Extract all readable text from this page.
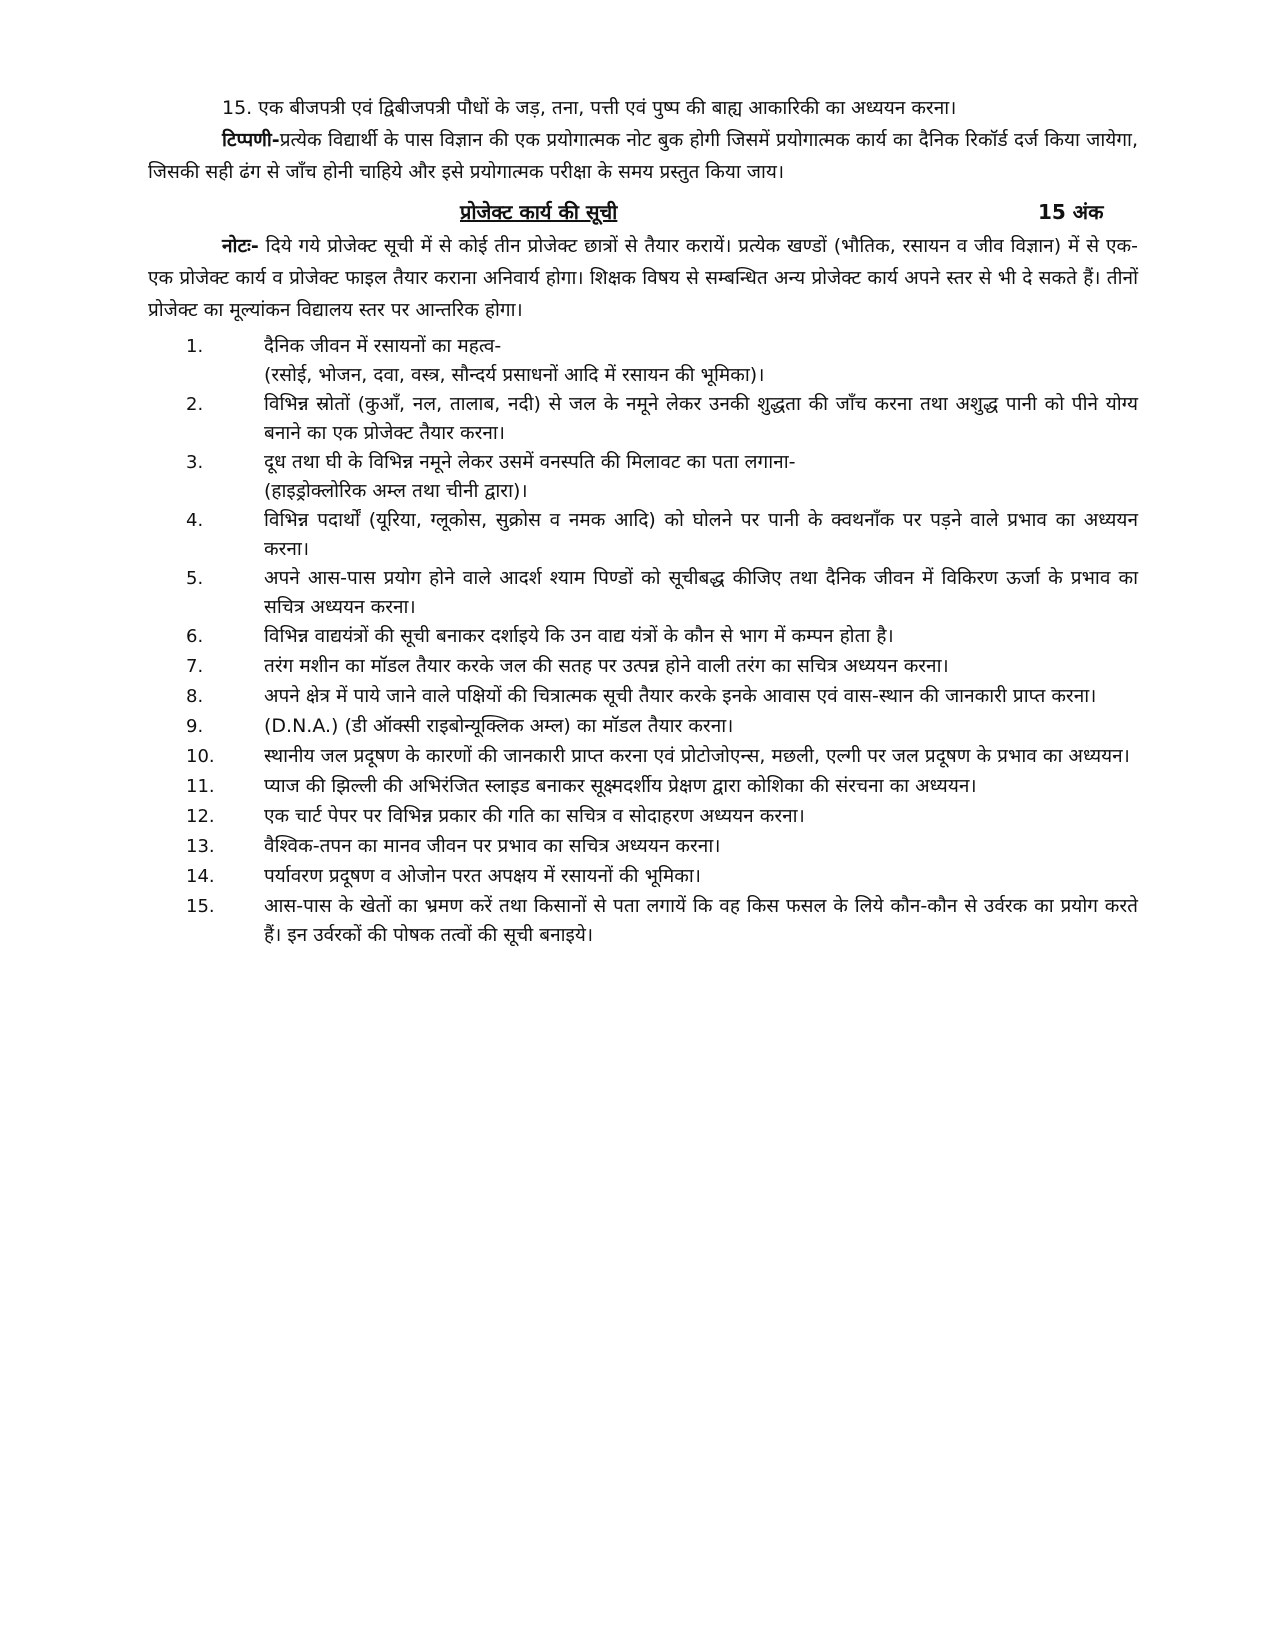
15. एक बीजपत्री एवं द्विबीजपत्री पौधों के जड़, तना, पत्ती एवं पुष्प की बाह्य आकारिकी का अध्ययन करना।

टिप्पणी-प्रत्येक विद्यार्थी के पास विज्ञान की एक प्रयोगात्मक नोट बुक होगी जिसमें प्रयोगात्मक कार्य का दैनिक रिकॉर्ड दर्ज किया जायेगा, जिसकी सही ढंग से जाँच होनी चाहिये और इसे प्रयोगात्मक परीक्षा के समय प्रस्तुत किया जाय।

प्रोजेक्ट कार्य की सूची	15 अंक

नोटः- दिये गये प्रोजेक्ट सूची में से कोई तीन प्रोजेक्ट छात्रों से तैयार करायें। प्रत्येक खण्डों (भौतिक, रसायन व जीव विज्ञान) में से एक-एक प्रोजेक्ट कार्य व प्रोजेक्ट फाइल तैयार कराना अनिवार्य होगा। शिक्षक विषय से सम्बन्धित अन्य प्रोजेक्ट कार्य अपने स्तर से भी दे सकते हैं। तीनों प्रोजेक्ट का मूल्यांकन विद्यालय स्तर पर आन्तरिक होगा।

1.	दैनिक जीवन में रसायनों का महत्व-
(रसोई, भोजन, दवा, वस्त्र, सौन्दर्य प्रसाधनों आदि में रसायन की भूमिका)।
2.	विभिन्न स्रोतों (कुआँ, नल, तालाब, नदी) से जल के नमूने लेकर उनकी शुद्धता की जाँच करना तथा अशुद्ध पानी को पीने योग्य बनाने का एक प्रोजेक्ट तैयार करना।
3.	दूध तथा घी के विभिन्न नमूने लेकर उसमें वनस्पति की मिलावट का पता लगाना-
(हाइड्रोक्लोरिक अम्ल तथा चीनी द्वारा)।
4.	विभिन्न पदार्थों (यूरिया, ग्लूकोस, सुक्रोस व नमक आदि) को घोलने पर पानी के क्वथनाँक पर पड़ने वाले प्रभाव का अध्ययन करना।
5.	अपने आस-पास प्रयोग होने वाले आदर्श श्याम पिण्डों को सूचीबद्ध कीजिए तथा दैनिक जीवन में विकिरण ऊर्जा के प्रभाव का सचित्र अध्ययन करना।
6.	विभिन्न वाद्ययंत्रों की सूची बनाकर दर्शाइये कि उन वाद्य यंत्रों के कौन से भाग में कम्पन होता है।
7.	तरंग मशीन का मॉडल तैयार करके जल की सतह पर उत्पन्न होने वाली तरंग का सचित्र अध्ययन करना।
8.	अपने क्षेत्र में पाये जाने वाले पक्षियों की चित्रात्मक सूची तैयार करके इनके आवास एवं वास-स्थान की जानकारी प्राप्त करना।
9.	(D.N.A.) (डी ऑक्सी राइबोन्यूक्लिक अम्ल) का मॉडल तैयार करना।
10.	स्थानीय जल प्रदूषण के कारणों की जानकारी प्राप्त करना एवं प्रोटोजोएन्स, मछली, एल्गी पर जल प्रदूषण के प्रभाव का अध्ययन।
11.	प्याज की झिल्ली की अभिरंजित स्लाइड बनाकर सूक्ष्मदर्शीय प्रेक्षण द्वारा कोशिका की संरचना का अध्ययन।
12.	एक चार्ट पेपर पर विभिन्न प्रकार की गति का सचित्र व सोदाहरण अध्ययन करना।
13.	वैश्विक-तपन का मानव जीवन पर प्रभाव का सचित्र अध्ययन करना।
14.	पर्यावरण प्रदूषण व ओजोन परत अपक्षय में रसायनों की भूमिका।
15.	आस-पास के खेतों का भ्रमण करें तथा किसानों से पता लगायें कि वह किस फसल के लिये कौन-कौन से उर्वरक का प्रयोग करते हैं। इन उर्वरकों की पोषक तत्वों की सूची बनाइये।
